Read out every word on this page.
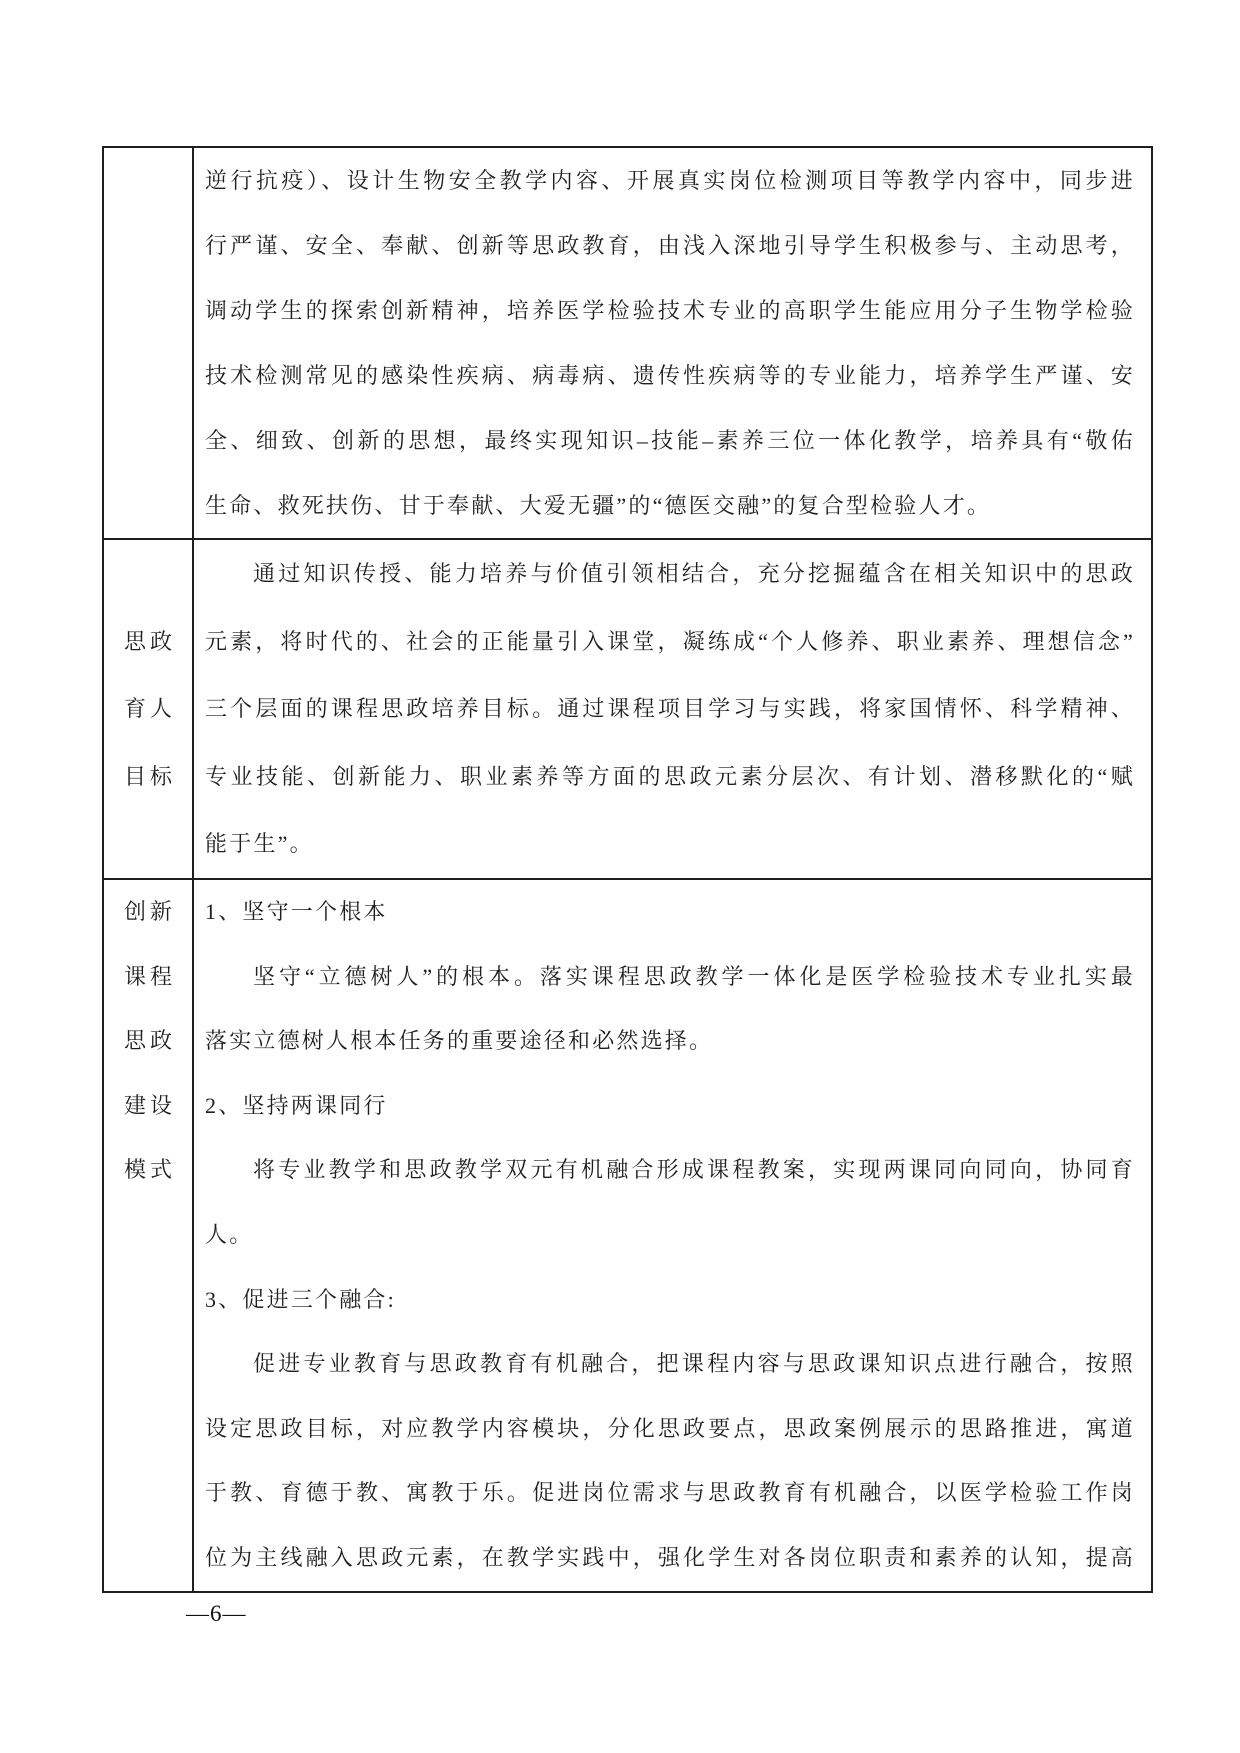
逆行抗疫）、设计生物安全教学内容、开展真实岗位检测项目等教学内容中，同步进
行严谨、安全、奉献、创新等思政教育，由浅入深地引导学生积极参与、主动思考，
调动学生的探索创新精神，培养医学检验技术专业的高职学生能应用分子生物学检验
技术检测常见的感染性疾病、病毒病、遗传性疾病等的专业能力，培养学生严谨、安
全、细致、创新的思想，最终实现知识–技能–素养三位一体化教学，培养具有“敬佑
生命、救死扶伤、甘于奉献、大爱无疆”的“德医交融”的复合型检验人才。
思政
育人
目标
通过知识传授、能力培养与价值引领相结合，充分挖掘蕴含在相关知识中的思政
元素，将时代的、社会的正能量引入课堂，凝练成“个人修养、职业素养、理想信念”
三个层面的课程思政培养目标。通过课程项目学习与实践，将家国情怀、科学精神、
专业技能、创新能力、职业素养等方面的思政元素分层次、有计划、潜移默化的“赋
能于生”。
创新
课程
思政
建设
模式
1、坚守一个根本
坚守“立德树人”的根本。落实课程思政教学一体化是医学检验技术专业扎实最
落实立德树人根本任务的重要途径和必然选择。
2、坚持两课同行
将专业教学和思政教学双元有机融合形成课程教案，实现两课同向同向，协同育
人。
3、促进三个融合:
促进专业教育与思政教育有机融合，把课程内容与思政课知识点进行融合，按照
设定思政目标，对应教学内容模块，分化思政要点，思政案例展示的思路推进，寓道
于教、育德于教、寓教于乐。促进岗位需求与思政教育有机融合，以医学检验工作岗
位为主线融入思政元素，在教学实践中，强化学生对各岗位职责和素养的认知，提高
—6—
